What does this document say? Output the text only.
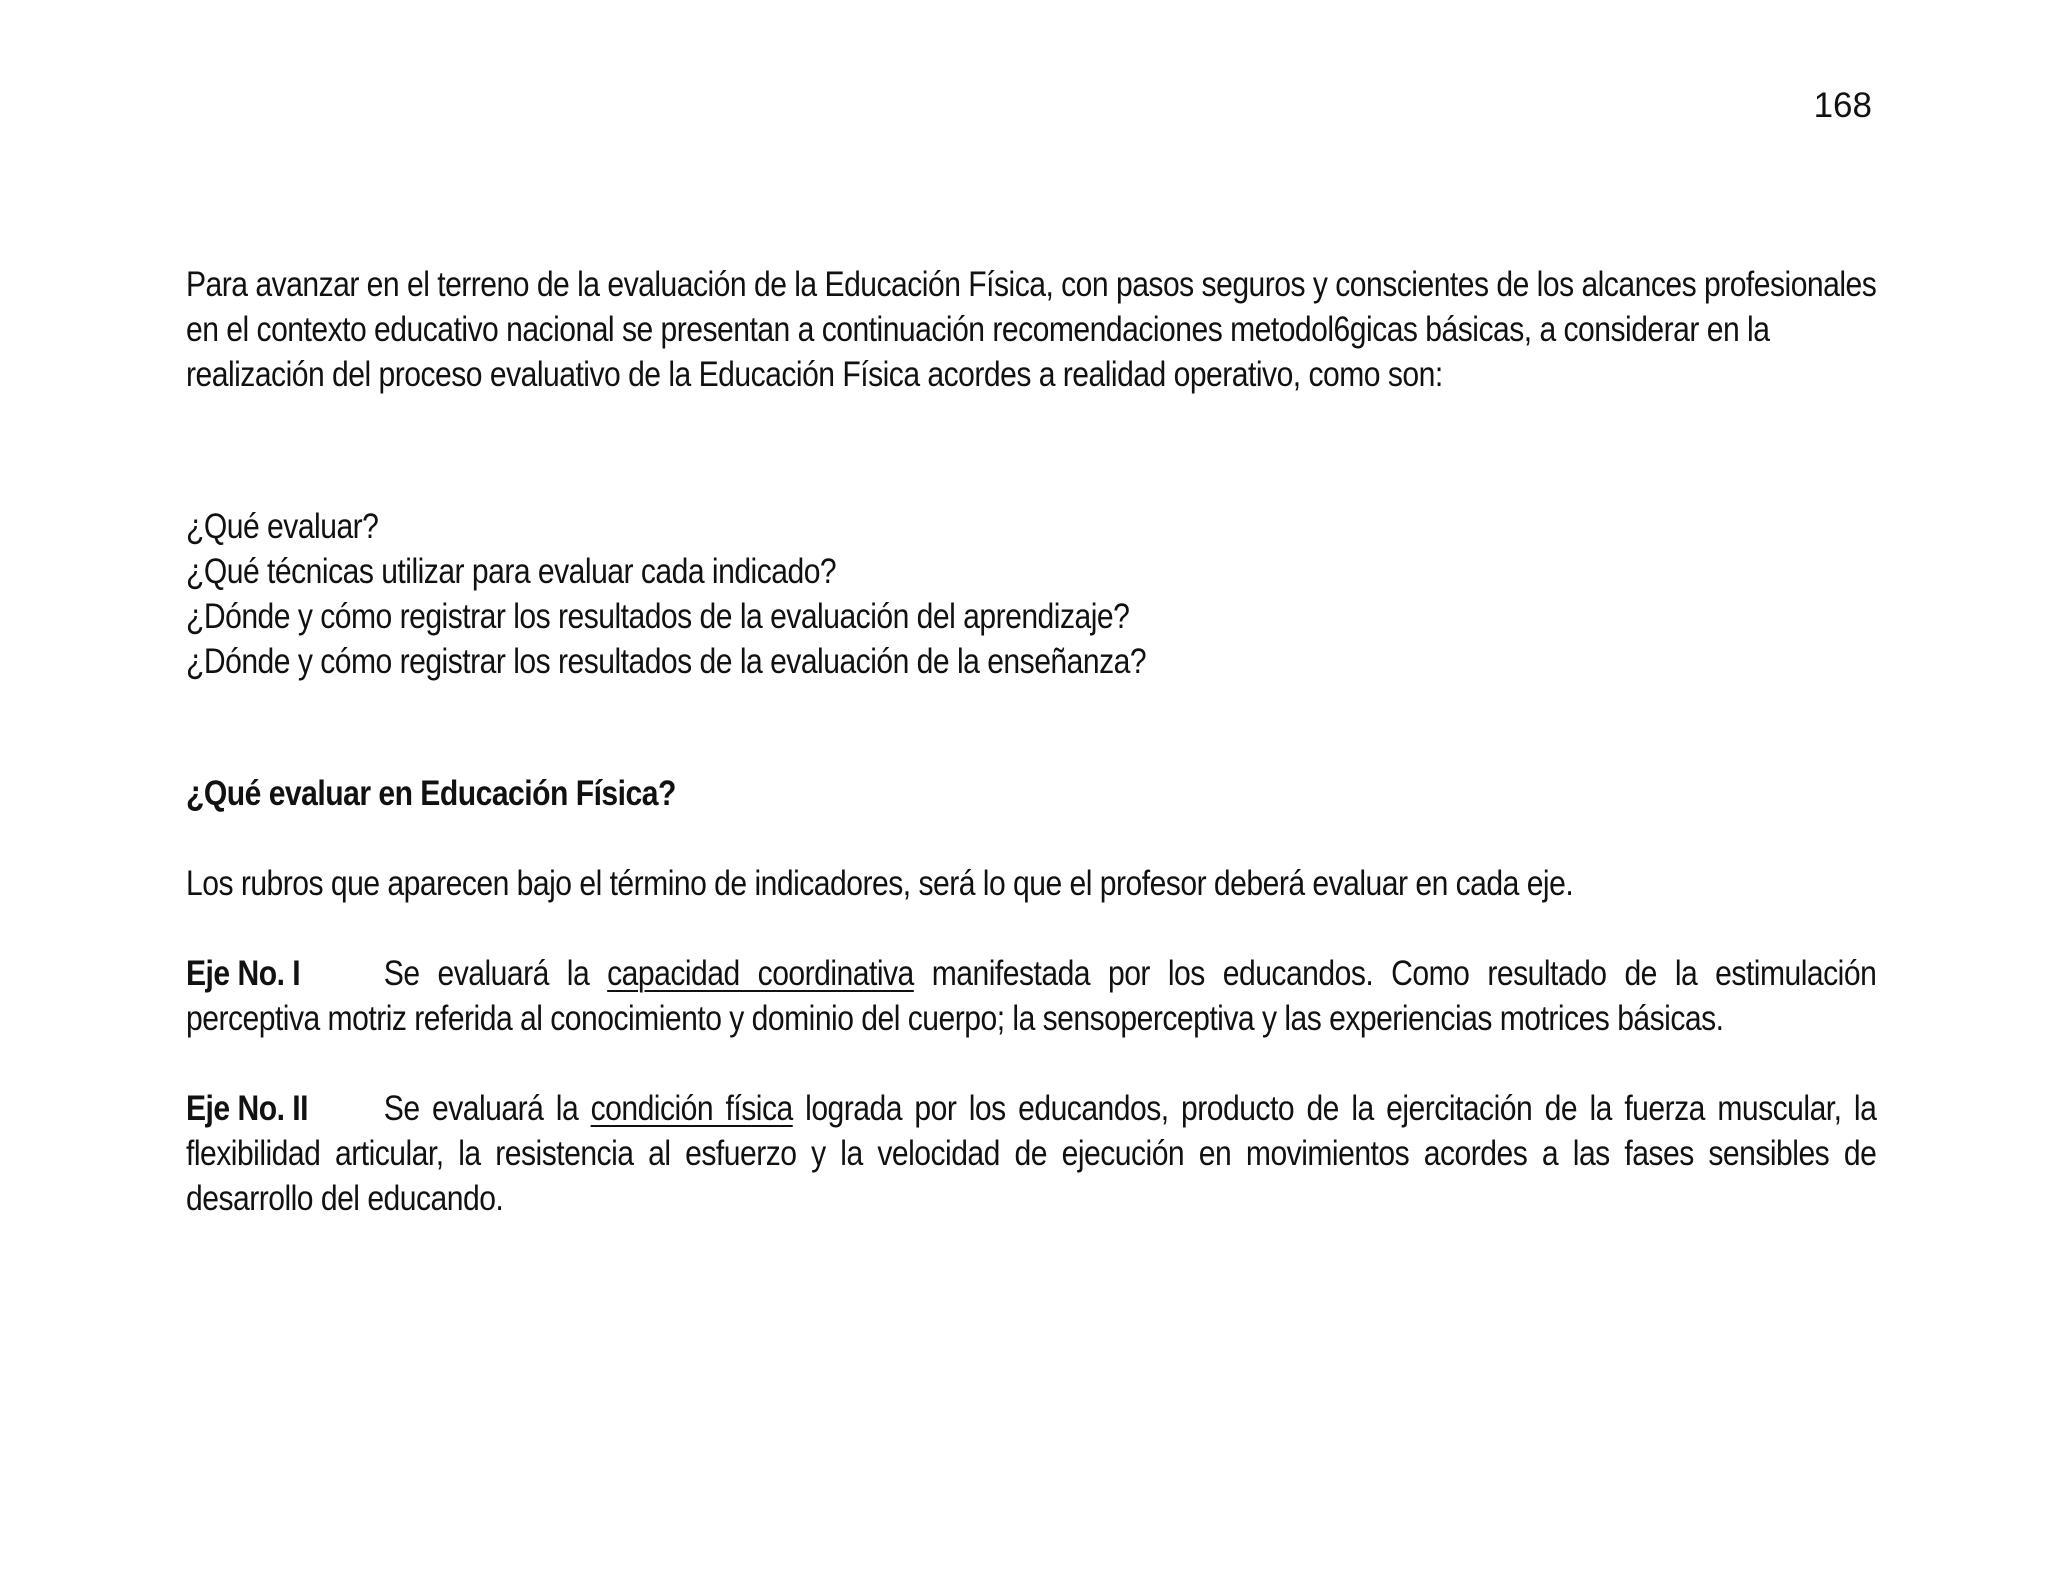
168

Para avanzar en el terreno de la evaluación de la Educación Física, con pasos seguros y conscientes de los alcances profesionales en el contexto educativo nacional se presentan a continuación recomendaciones metodol6gicas básicas, a considerar en la realización del proceso evaluativo de la Educación Física acordes a realidad operativo, como son:

¿Qué evaluar?
¿Qué técnicas utilizar para evaluar cada indicado?
¿Dónde y cómo registrar los resultados de la evaluación del aprendizaje?
¿Dónde y cómo registrar los resultados de la evaluación de la enseñanza?

¿Qué evaluar en Educación Física?

Los rubros que aparecen bajo el término de indicadores, será lo que el profesor deberá evaluar en cada eje.

Eje No. I Se evaluará la capacidad coordinativa manifestada por los educandos. Como resultado de la estimulación perceptiva motriz referida al conocimiento y dominio del cuerpo; la sensoperceptiva y las experiencias motrices básicas.

Eje No. II Se evaluará la condición física lograda por los educandos, producto de la ejercitación de la fuerza muscular, la flexibilidad articular, la resistencia al esfuerzo y la velocidad de ejecución en movimientos acordes a las fases sensibles de desarrollo del educando.
